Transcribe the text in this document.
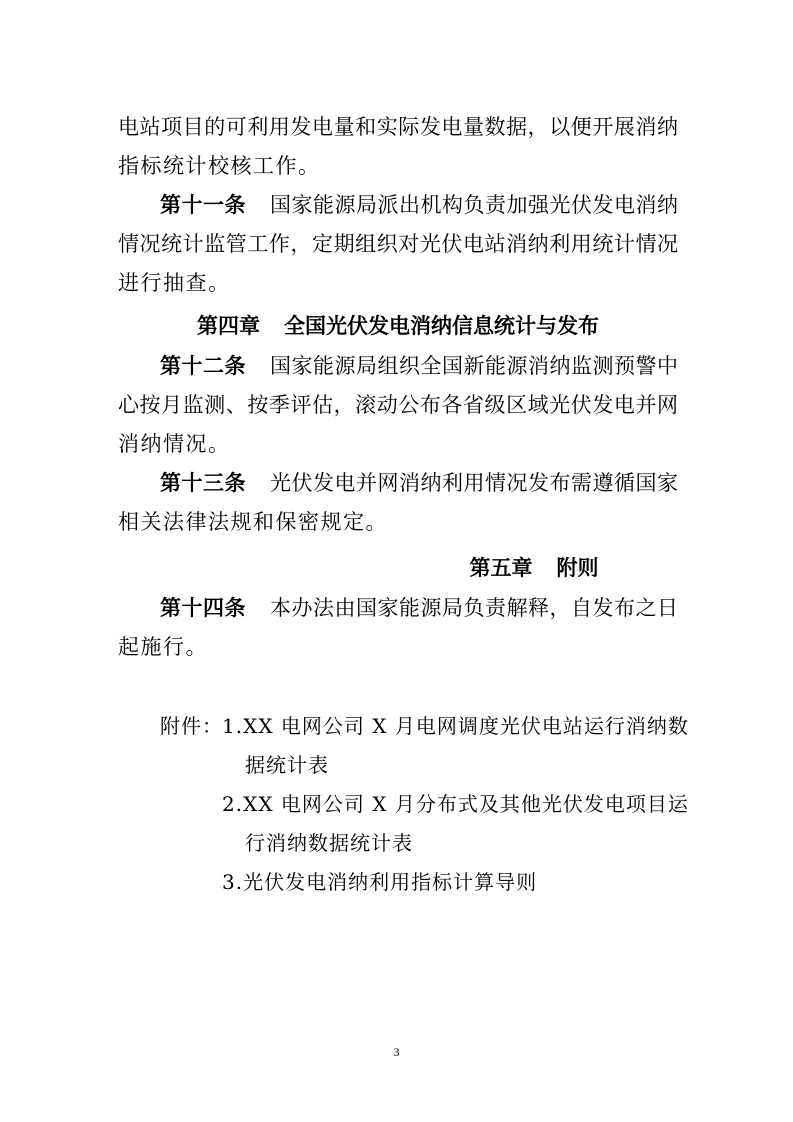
电站项目的可利用发电量和实际发电量数据，以便开展消纳
指标统计校核工作。
第十一条 国家能源局派出机构负责加强光伏发电消纳
情况统计监管工作，定期组织对光伏电站消纳利用统计情况
进行抽查。
第四章 全国光伏发电消纳信息统计与发布
第十二条 国家能源局组织全国新能源消纳监测预警中
心按月监测、按季评估，滚动公布各省级区域光伏发电并网
消纳情况。
第十三条 光伏发电并网消纳利用情况发布需遵循国家
相关法律法规和保密规定。
第五章 附则
第十四条 本办法由国家能源局负责解释，自发布之日
起施行。
附件： 1.XX 电网公司 X 月电网调度光伏电站运行消纳数
据统计表
2.XX 电网公司 X 月分布式及其他光伏发电项目运
行消纳数据统计表
3.光伏发电消纳利用指标计算导则
3
